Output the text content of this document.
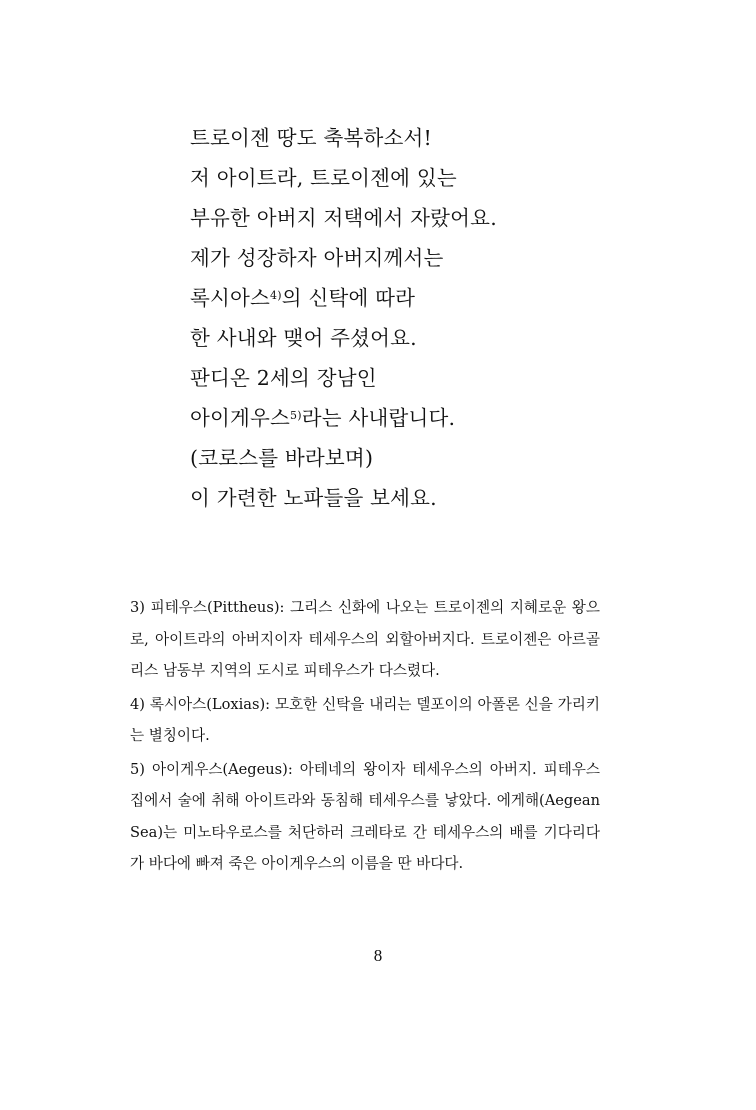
트로이젠 땅도 축복하소서!
저 아이트라, 트로이젠에 있는
부유한 아버지 저택에서 자랐어요.
제가 성장하자 아버지께서는
록시아스$^{4)}$의 신탁에 따라
한 사내와 맺어 주셨어요.
판디온 2세의 장남인
아이게우스$^{5)}$라는 사내랍니다.
(코로스를 바라보며)
이 가련한 노파들을 보세요.
3) 피테우스(Pittheus): 그리스 신화에 나오는 트로이젠의 지혜로운 왕으로, 아이트라의 아버지이자 테세우스의 외할아버지다. 트로이젠은 아르골리스 남동부 지역의 도시로 피테우스가 다스렸다.
4) 록시아스(Loxias): 모호한 신탁을 내리는 델포이의 아폴론 신을 가리키는 별칭이다.
5) 아이게우스(Aegeus): 아테네의 왕이자 테세우스의 아버지. 피테우스 집에서 술에 취해 아이트라와 동침해 테세우스를 낳았다. 에게해(Aegean Sea)는 미노타우로스를 처단하러 크레타로 간 테세우스의 배를 기다리다가 바다에 빠져 죽은 아이게우스의 이름을 딴 바다다.
8
